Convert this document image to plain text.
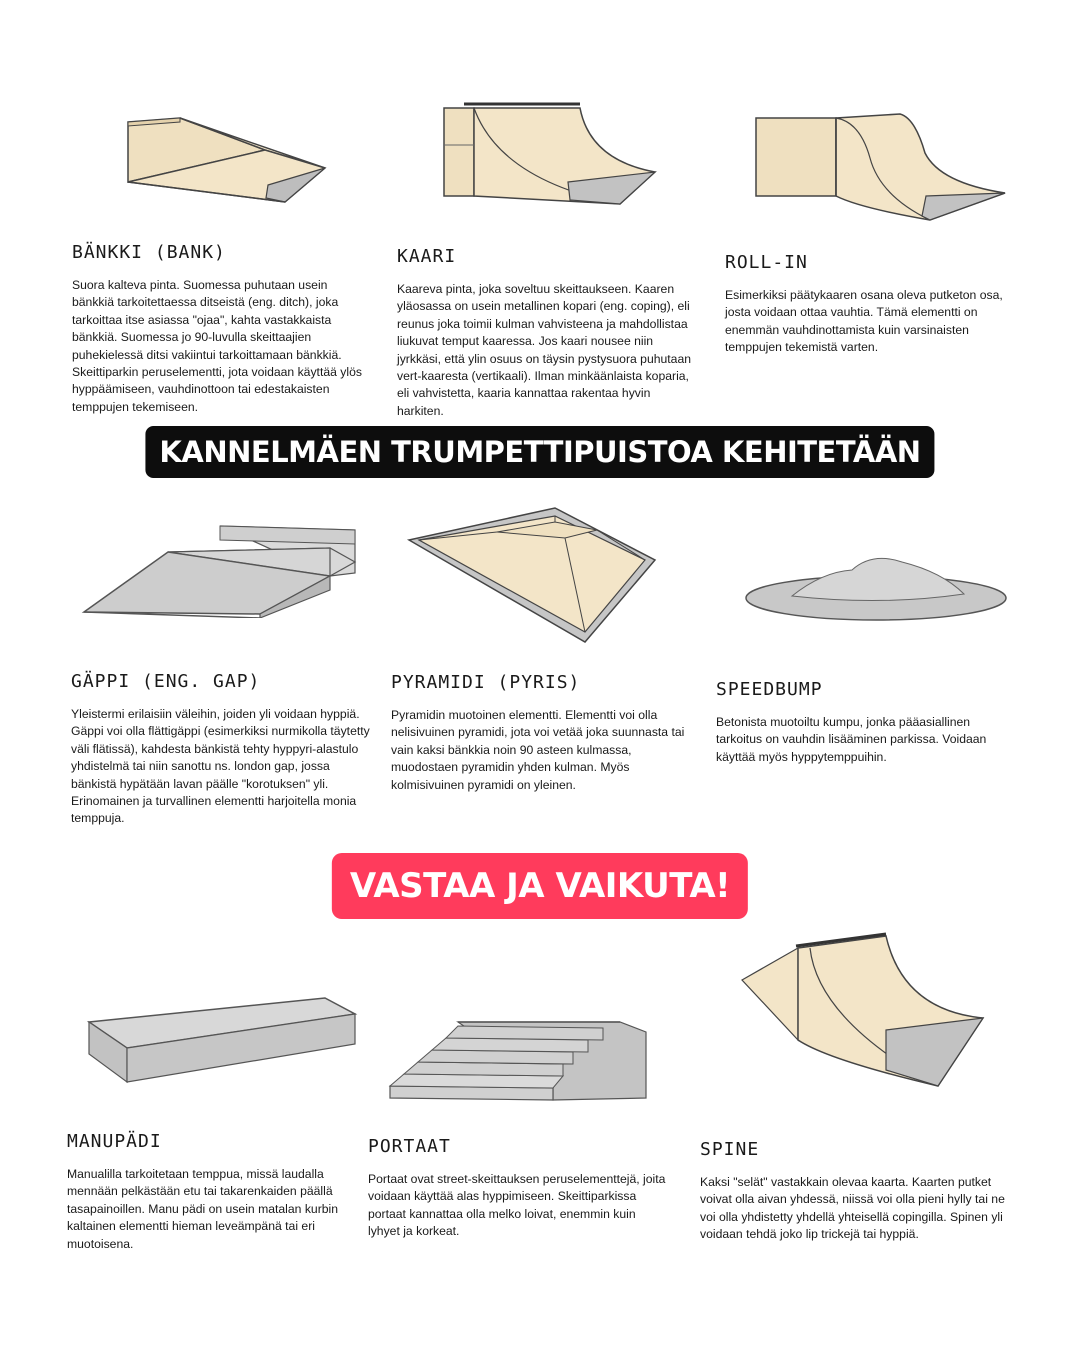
KANNELMÄEN TRUMPETTIPUISTOA KEHITETÄÄN
VASTAA JA VAIKUTA!
BÄNKKI (BANK)

Suora kalteva pinta. Suomessa puhutaan usein bänkkiä tarkoitettaessa ditseistä (eng. ditch), joka tarkoittaa itse asiassa "ojaa", kahta vastakkaista bänkkiä. Suomessa jo 90-luvulla skeittaajien puhekielessä ditsi vakiintui tarkoittamaan bänkkiä. Skeittiparkin peruselementti, jota voidaan käyttää ylös hyppäämiseen, vauhdinottoon tai edestakaisten temppujen tekemiseen.

KAARI

Kaareva pinta, joka soveltuu skeittaukseen. Kaaren yläosassa on usein metallinen kopari (eng. coping), eli reunus joka toimii kulman vahvisteena ja mahdollistaa liukuvat temput kaaressa. Jos kaari nousee niin jyrkkäsi, että ylin osuus on täysin pystysuora puhutaan vert-kaaresta (vertikaali). Ilman minkäänlaista koparia, eli vahvistetta, kaaria kannattaa rakentaa hyvin harkiten.

ROLL-IN

Esimerkiksi päätykaaren osana oleva putketon osa, josta voidaan ottaa vauhtia. Tämä elementti on enemmän vauhdinottamista kuin varsinaisten temppujen tekemistä varten.

GÄPPI (ENG. GAP)

Yleistermi erilaisiin väleihin, joiden yli voidaan hyppiä. Gäppi voi olla flättigäppi (esimerkiksi nurmikolla täytetty väli flätissä), kahdesta bänkistä tehty hyppyri-alastulo yhdistelmä tai niin sanottu ns. london gap, jossa bänkistä hypätään lavan päälle "korotuksen" yli. Erinomainen ja turvallinen elementti harjoitella monia temppuja.

PYRAMIDI (PYRIS)

Pyramidin muotoinen elementti. Elementti voi olla nelisivuinen pyramidi, jota voi vetää joka suunnasta tai vain kaksi bänkkia noin 90 asteen kulmassa, muodostaen pyramidin yhden kulman. Myös kolmisivuinen pyramidi on yleinen.

SPEEDBUMP

Betonista muotoiltu kumpu, jonka pääasiallinen tarkoitus on vauhdin lisääminen parkissa. Voidaan käyttää myös hyppytemppuihin.

MANUPÄDI

Manualilla tarkoitetaan temppua, missä laudalla mennään pelkästään etu tai takarenkaiden päällä tasapainoillen. Manu pädi on usein matalan kurbin kaltainen elementti hieman leveämpänä tai eri muotoisena.

PORTAAT

Portaat ovat street-skeittauksen peruselementtejä, joita voidaan käyttää alas hyppimiseen. Skeittiparkissa portaat kannattaa olla melko loivat, enemmin kuin lyhyet ja korkeat.

SPINE

Kaksi "selät" vastakkain olevaa kaarta. Kaarten putket voivat olla aivan yhdessä, niissä voi olla pieni hylly tai ne voi olla yhdistetty yhdellä yhteisellä copingilla. Spinen yli voidaan tehdä joko lip trickejä tai hyppiä.
